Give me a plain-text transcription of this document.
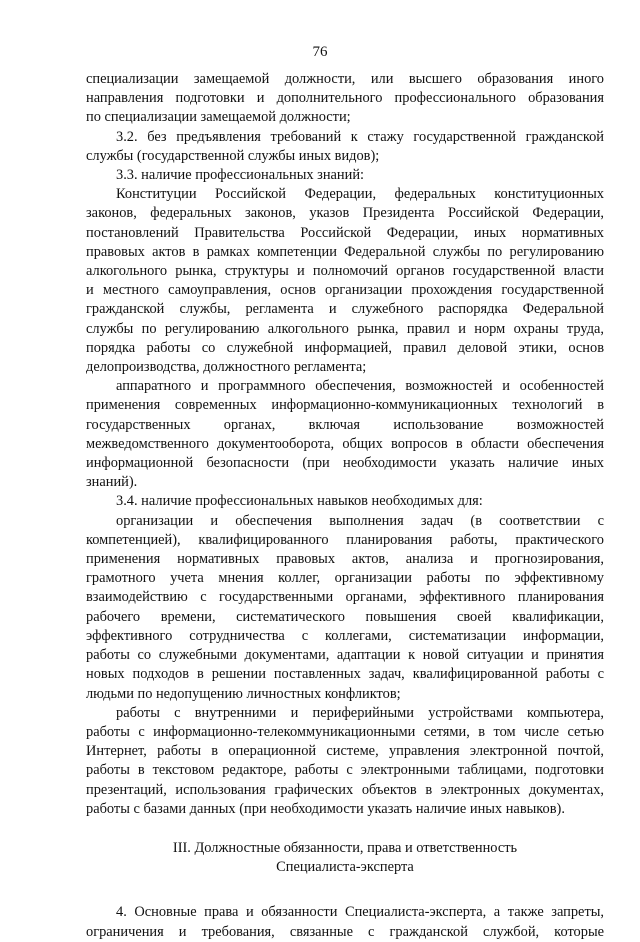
76
специализации замещаемой должности, или высшего образования иного
направления подготовки и дополнительного профессионального образования
по специализации замещаемой должности;
3.2. без предъявления требований к стажу государственной гражданской
службы (государственной службы иных видов);
3.3. наличие профессиональных знаний:
Конституции Российской Федерации, федеральных конституционных
законов, федеральных законов, указов Президента Российской Федерации,
постановлений Правительства Российской Федерации, иных нормативных
правовых актов в рамках компетенции Федеральной службы по регулированию
алкогольного рынка, структуры и полномочий органов государственной власти
и местного самоуправления, основ организации прохождения государственной
гражданской службы, регламента и служебного распорядка Федеральной
службы по регулированию алкогольного рынка, правил и норм охраны труда,
порядка работы со служебной информацией, правил деловой этики, основ
делопроизводства, должностного регламента;
аппаратного и программного обеспечения, возможностей и особенностей
применения современных информационно-коммуникационных технологий в
государственных органах, включая использование возможностей
межведомственного документооборота, общих вопросов в области обеспечения
информационной безопасности (при необходимости указать наличие иных
знаний).
3.4. наличие профессиональных навыков необходимых для:
организации и обеспечения выполнения задач (в соответствии с
компетенцией), квалифицированного планирования работы, практического
применения нормативных правовых актов, анализа и прогнозирования,
грамотного учета мнения коллег, организации работы по эффективному
взаимодействию с государственными органами, эффективного планирования
рабочего времени, систематического повышения своей квалификации,
эффективного сотрудничества с коллегами, систематизации информации,
работы со служебными документами, адаптации к новой ситуации и принятия
новых подходов в решении поставленных задач, квалифицированной работы с
людьми по недопущению личностных конфликтов;
работы с внутренними и периферийными устройствами компьютера,
работы с информационно-телекоммуникационными сетями, в том числе сетью
Интернет, работы в операционной системе, управления электронной почтой,
работы в текстовом редакторе, работы с электронными таблицами, подготовки
презентаций, использования графических объектов в электронных документах,
работы с базами данных (при необходимости указать наличие иных навыков).
III. Должностные обязанности, права и ответственность
Специалиста-эксперта
4. Основные права и обязанности Специалиста-эксперта, а также запреты,
ограничения и требования, связанные с гражданской службой, которые
